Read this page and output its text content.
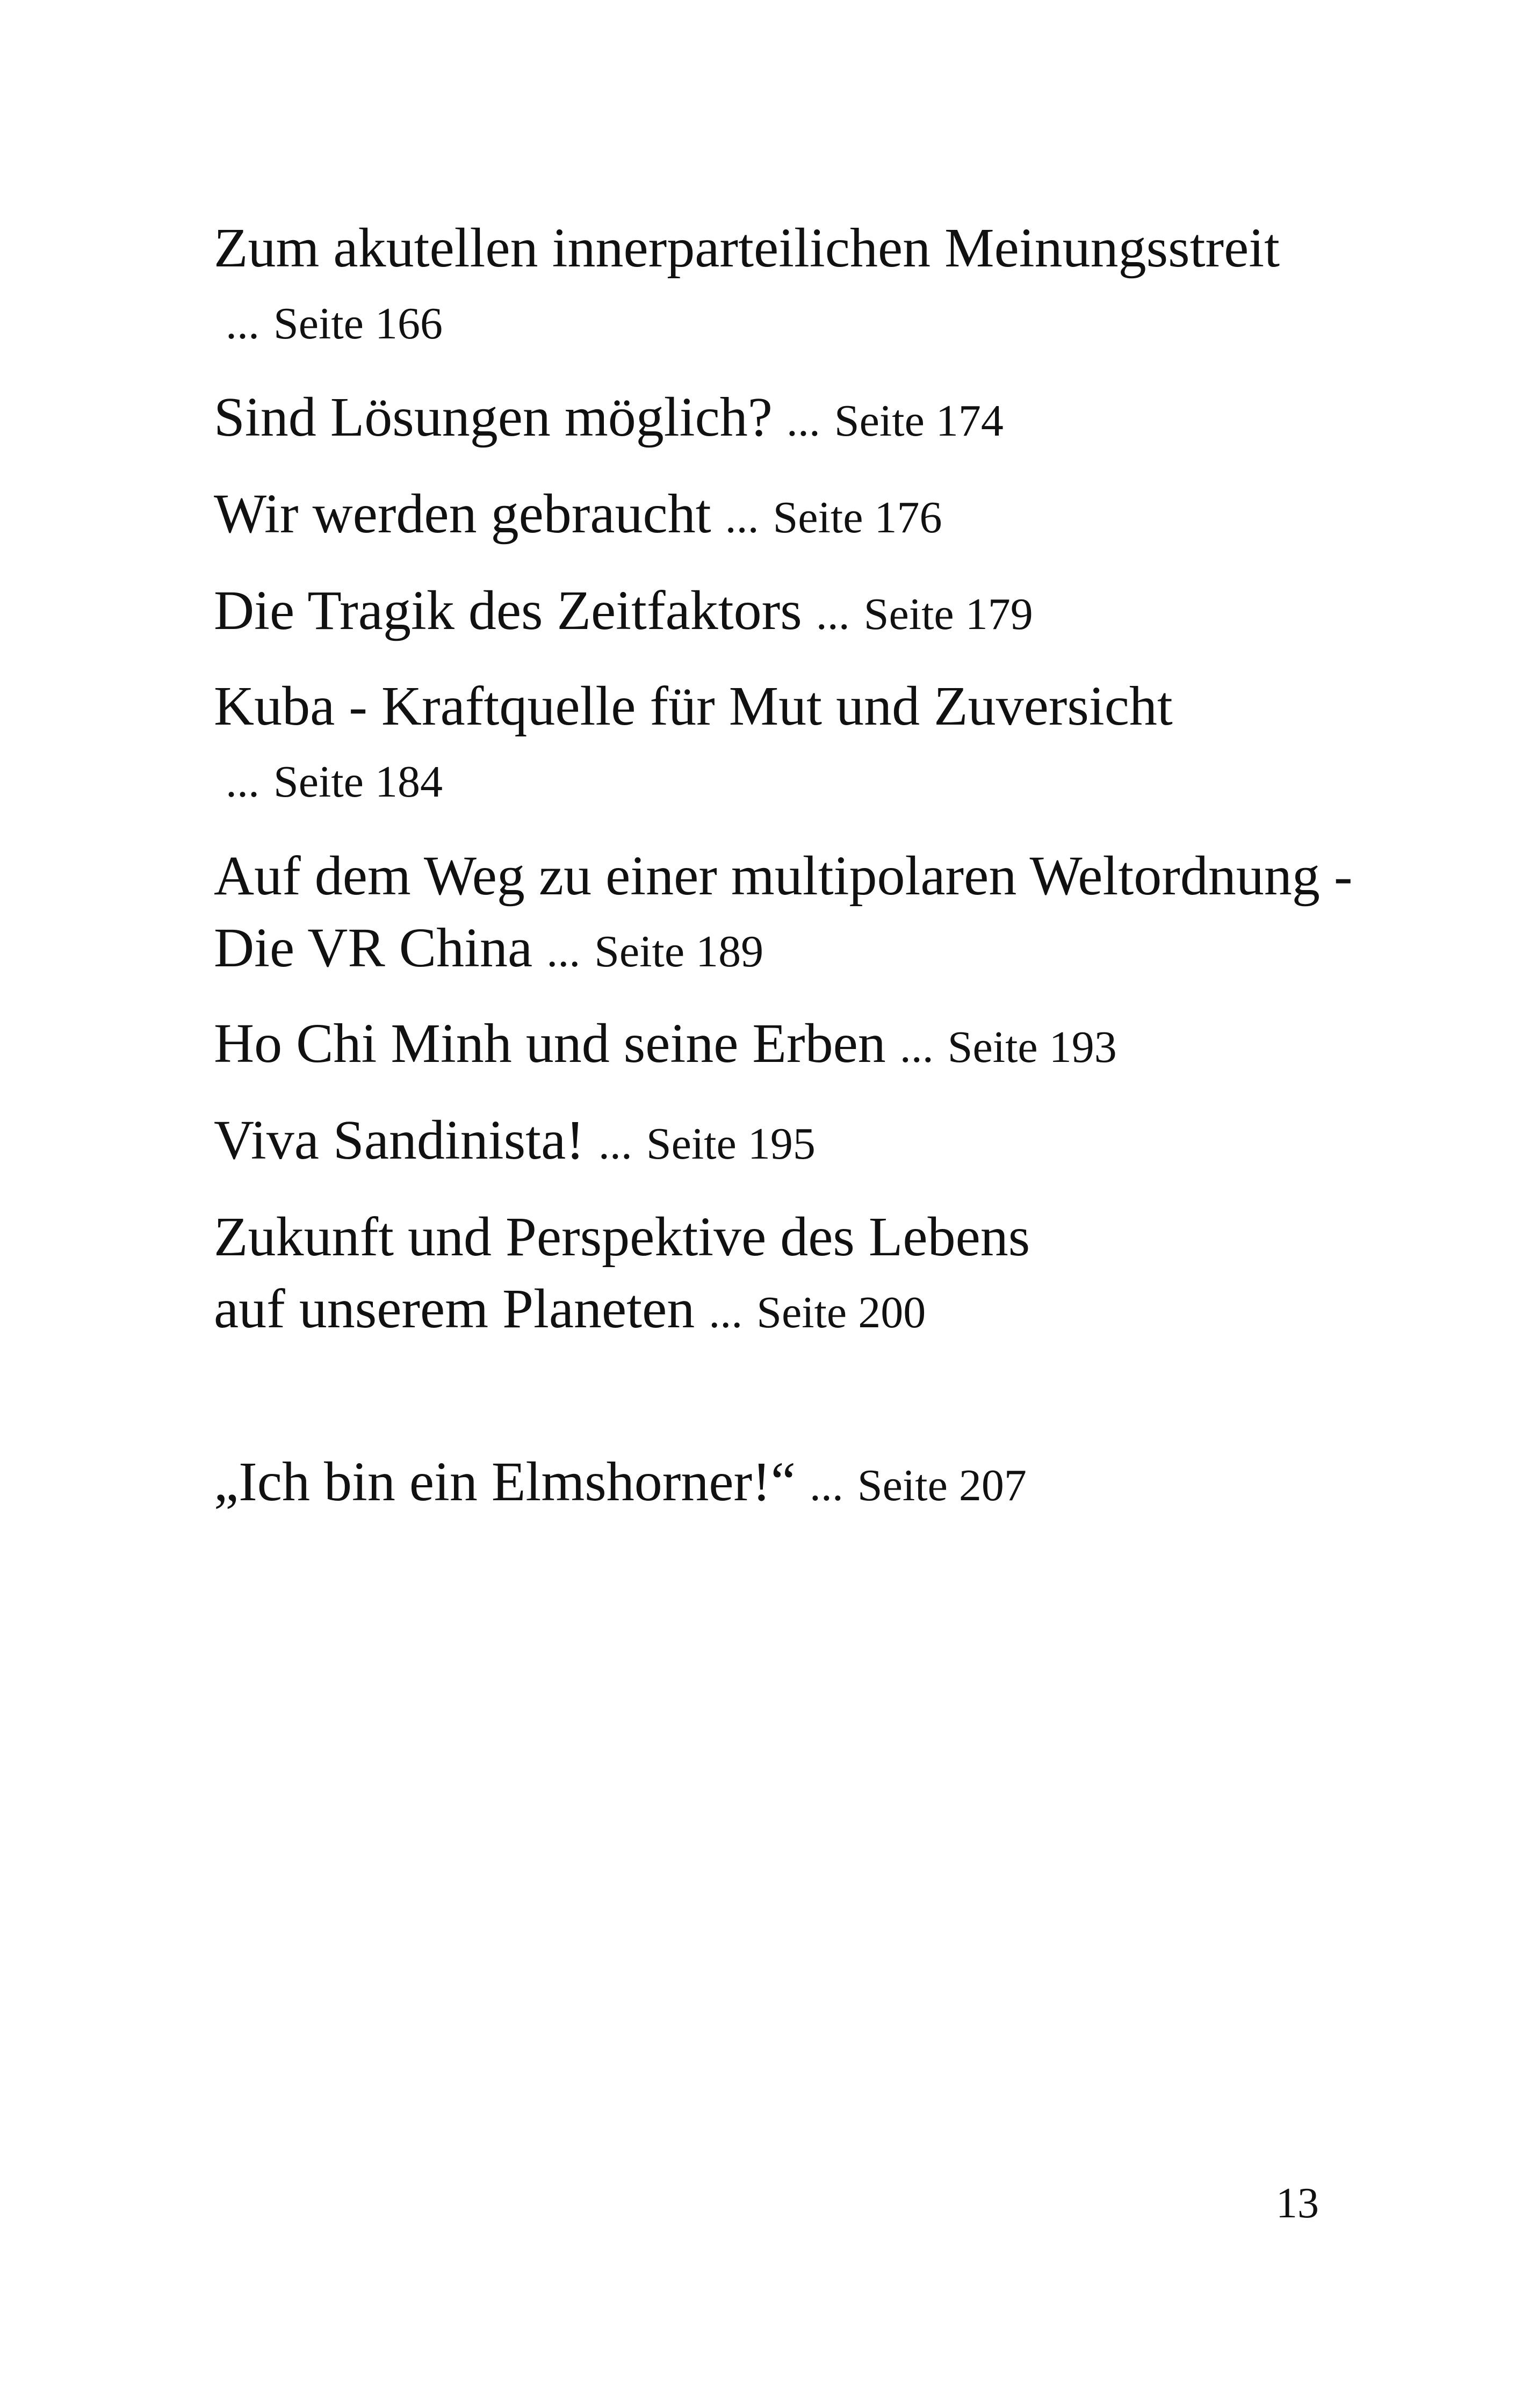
Zum akutellen innerparteilichen Meinungsstreit
... Seite 166
Sind Lösungen möglich? ... Seite 174
Wir werden gebraucht ... Seite 176
Die Tragik des Zeitfaktors ... Seite 179
Kuba - Kraftquelle für Mut und Zuversicht
... Seite 184
Auf dem Weg zu einer multipolaren Weltordnung -
Die VR China ... Seite 189
Ho Chi Minh und seine Erben ... Seite 193
Viva Sandinista! ... Seite 195
Zukunft und Perspektive des Lebens
auf unserem Planeten ... Seite 200
„Ich bin ein Elmshorner!“ ... Seite 207
13
